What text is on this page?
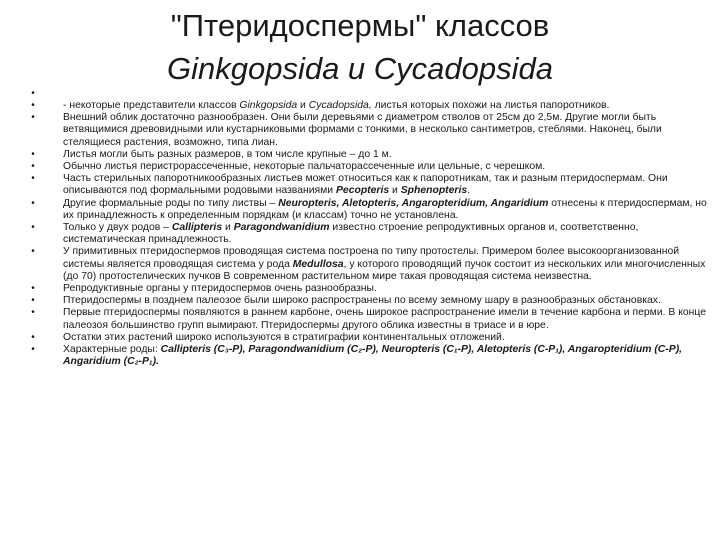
"Птеридоспермы" классов
Ginkgopsida и Cycadopsida
•
•	- некоторые представители классов Ginkgopsida и Cycadopsida, листья которых похожи на листья папоротников.
•	Внешний облик достаточно разнообразен. Они были деревьями с диаметром стволов от 25см до 2,5м. Другие могли быть ветвящимися древовидными или кустарниковыми формами с тонкими, в несколько сантиметров, стеблями. Наконец, были стелящиеся растения, возможно, типа лиан.
•	Листья могли быть разных размеров, в том числе крупные – до 1 м.
•	Обычно листья перистрорассеченные, некоторые пальчаторассеченные или цельные, с черешком.
•	Часть стерильных папоротникообразных листьев может относиться как к папоротникам, так и разным птеридоспермам. Они описываются под формальными родовыми названиями Pecopteris и Sphenopteris.
•	Другие формальные роды по типу листвы – Neuropteris, Aletopteris, Angaropteridium, Angaridium отнесены к птеридоспермам, но их принадлежность к определенным порядкам (и классам) точно не установлена.
•	Только у двух родов – Callipteris и Paragondwanidium известно строение репродуктивных органов и, соответственно, систематическая принадлежность.
•	У примитивных птеридоспермов проводящая система построена по типу протостелы. Примером более высокоорганизованной системы является проводящая система у рода Medullosa, у которого проводящий пучок состоит из нескольких или многочисленных (до 70) протостелических пучков В современном растительном мире такая проводящая система неизвестна.
•	Репродуктивные органы у птеридоспермов очень разнообразны.
•	Птеридоспермы в позднем палеозое были широко распространены по всему земному шару в разнообразных обстановках.
•	Первые птеридоспермы появляются в раннем карбоне, очень широкое распространение имели в течение карбона и перми. В конце палеозоя большинство групп вымирают. Птеридоспермы другого облика известны в триасе и в юре.
•	Остатки этих растений широко используются в стратиграфии континентальных отложений.
•	Характерные роды: Callipteris (C₃-P), Paragondwanidium (C₂-P), Neuropteris (C₁-P), Aletopteris (C-P₁), Angaropteridium (C-P), Angaridium (C₂-P₁).
